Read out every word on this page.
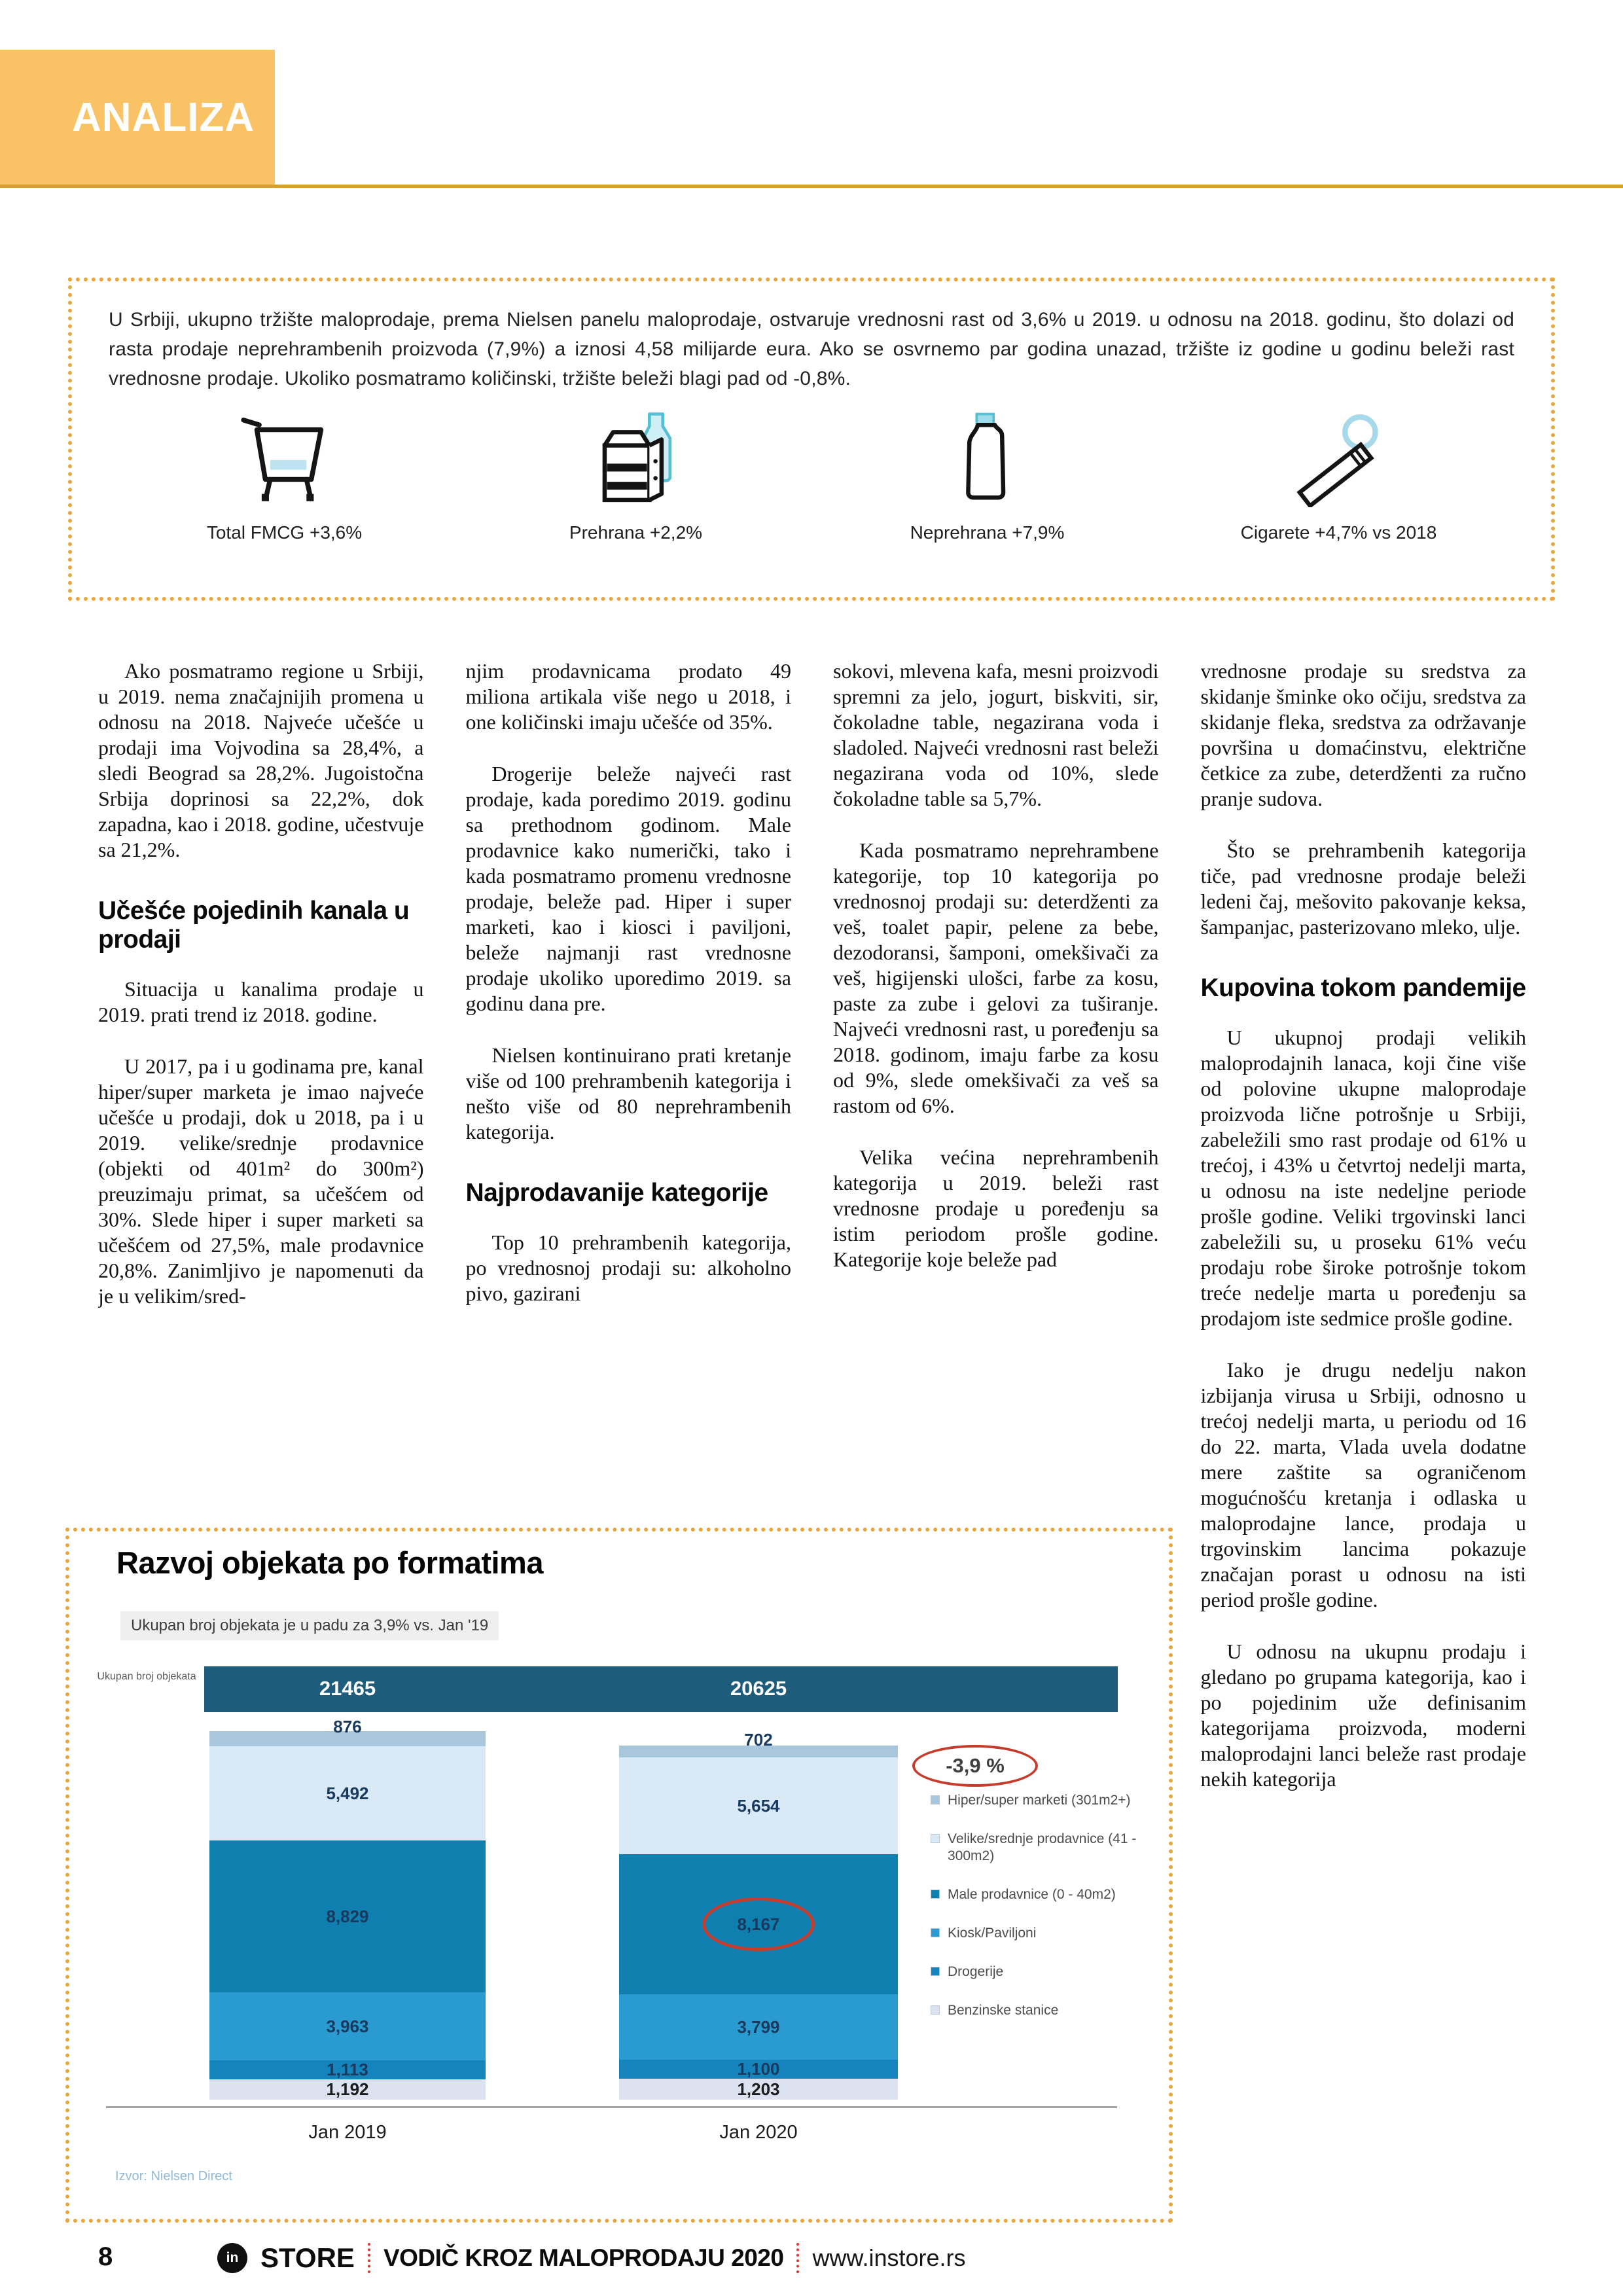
ANALIZA
U Srbiji, ukupno tržište maloprodaje, prema Nielsen panelu maloprodaje, ostvaruje vrednosni rast od 3,6% u 2019. u odnosu na 2018. godinu, što dolazi od rasta prodaje neprehrambenih proizvoda (7,9%) a iznosi 4,58 milijarde eura. Ako se osvrnemo par godina unazad, tržište iz godine u godinu beleži rast vrednosne prodaje. Ukoliko posmatramo količinski, tržište beleži blagi pad od -0,8%.
Total FMCG +3,6%	Prehrana +2,2%	Neprehrana +7,9%	Cigarete +4,7% vs 2018
Ako posmatramo regione u Srbiji, u 2019. nema značajnijih promena u odnosu na 2018. Najveće učešće u prodaji ima Vojvodina sa 28,4%, a sledi Beograd sa 28,2%. Jugoistočna Srbija doprinosi sa 22,2%, dok zapadna, kao i 2018. godine, učestvuje sa 21,2%.
Učešće pojedinih kanala u prodaji
Situacija u kanalima prodaje u 2019. prati trend iz 2018. godine.
U 2017, pa i u godinama pre, kanal hiper/super marketa je imao najveće učešće u prodaji, dok u 2018, pa i u 2019. velike/srednje prodavnice (objekti od 401m² do 300m²) preuzimaju primat, sa učešćem od 30%. Slede hiper i super marketi sa učešćem od 27,5%, male prodavnice 20,8%. Zanimljivo je napomenuti da je u velikim/sred-
njim prodavnicama prodato 49 miliona artikala više nego u 2018, i one količinski imaju učešće od 35%.
Drogerije beleže najveći rast prodaje, kada poredimo 2019. godinu sa prethodnom godinom. Male prodavnice kako numerički, tako i kada posmatramo promenu vrednosne prodaje, beleže pad. Hiper i super marketi, kao i kiosci i paviljoni, beleže najmanji rast vrednosne prodaje ukoliko uporedimo 2019. sa godinu dana pre.
Nielsen kontinuirano prati kretanje više od 100 prehrambenih kategorija i nešto više od 80 neprehrambenih kategorija.
Najprodavanije kategorije
Top 10 prehrambenih kategorija, po vrednosnoj prodaji su: alkoholno pivo, gazirani
sokovi, mlevena kafa, mesni proizvodi spremni za jelo, jogurt, biskviti, sir, čokoladne table, negazirana voda i sladoled. Najveći vrednosni rast beleži negazirana voda od 10%, slede čokoladne table sa 5,7%.
Kada posmatramo neprehrambene kategorije, top 10 kategorija po vrednosnoj prodaji su: deterdženti za veš, toalet papir, pelene za bebe, dezodoransi, šamponi, omekšivači za veš, higijenski ulošci, farbe za kosu, paste za zube i gelovi za tuširanje. Najveći vrednosni rast, u poređenju sa 2018. godinom, imaju farbe za kosu od 9%, slede omekšivači za veš sa rastom od 6%.
Velika većina neprehrambenih kategorija u 2019. beleži rast vrednosne prodaje u poređenju sa istim periodom prošle godine. Kategorije koje beleže pad
vrednosne prodaje su sredstva za skidanje šminke oko očiju, sredstva za skidanje fleka, sredstva za održavanje površina u domaćinstvu, električne četkice za zube, deterdženti za ručno pranje sudova.
Što se prehrambenih kategorija tiče, pad vrednosne prodaje beleži ledeni čaj, mešovito pakovanje keksa, šampanjac, pasterizovano mleko, ulje.
Kupovina tokom pandemije
U ukupnoj prodaji velikih maloprodajnih lanaca, koji čine više od polovine ukupne maloprodaje proizvoda lične potrošnje u Srbiji, zabeležili smo rast prodaje od 61% u trećoj, i 43% u četvrtoj nedelji marta, u odnosu na iste nedeljne periode prošle godine. Veliki trgovinski lanci zabeležili su, u proseku 61% veću prodaju robe široke potrošnje tokom treće nedelje marta u poređenju sa prodajom iste sedmice prošle godine.
Iako je drugu nedelju nakon izbijanja virusa u Srbiji, odnosno u trećoj nedelji marta, u periodu od 16 do 22. marta, Vlada uvela dodatne mere zaštite sa ograničenom mogućnošću kretanja i odlaska u maloprodajne lance, prodaja u trgovinskim lancima pokazuje značajan porast u odnosu na isti period prošle godine.
U odnosu na ukupnu prodaju i gledano po grupama kategorija, kao i po pojedinim uže definisanim kategorijama proizvoda, moderni maloprodajni lanci beleže rast prodaje nekih kategorija
Razvoj objekata po formatima
Ukupan broj objekata je u padu za 3,9% vs. Jan '19
Ukupan broj objekata
-3,9 %
Hiper/super marketi (301m2+)
Velike/srednje prodavnice (41 - 300m2)
Male prodavnice (0 - 40m2)
Kiosk/Paviljoni
Drogerije
Benzinske stanice
Izvor: Nielsen Direct
876
5,492
8,829
3,963
1,113
1,192
21465
Jan 2019
702
5,654
8,167
3,799
1,100
1,203
20625
Jan 2020
8	in STORE VODIČ KROZ MALOPRODAJU 2020 www.instore.rs
